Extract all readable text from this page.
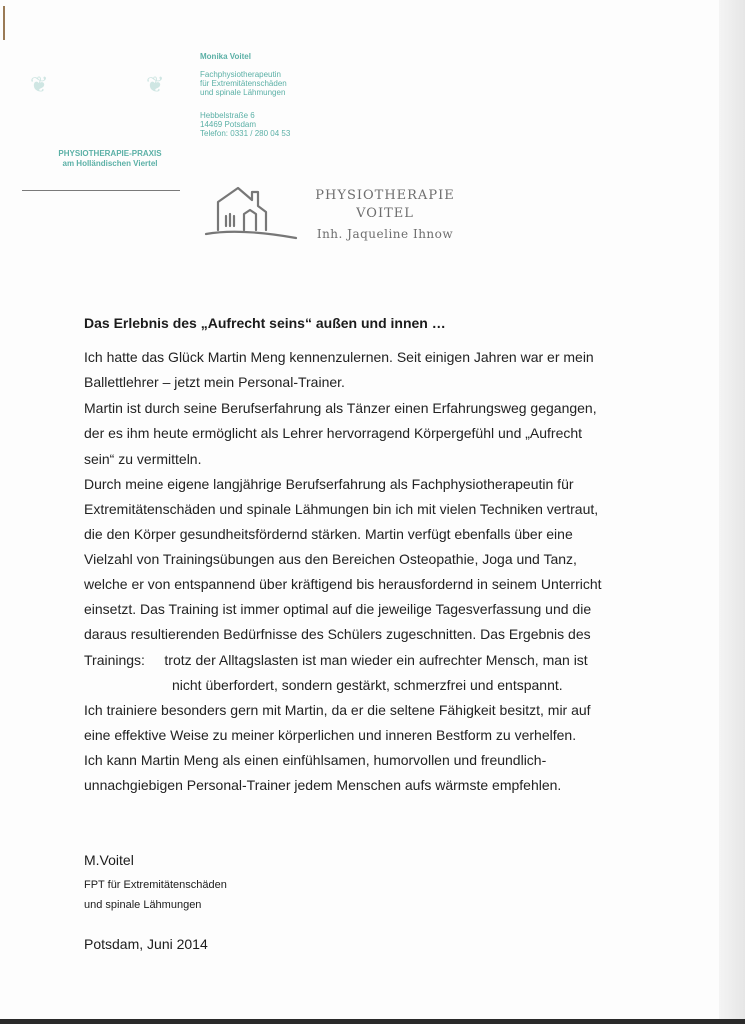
❦	❦
Monika Voitel
Fachphysiotherapeutin
für Extremitätenschäden
und spinale Lähmungen
Hebbelstraße 6
14469 Potsdam
Telefon: 0331 / 280 04 53
PHYSIOTHERAPIE-PRAXIS
am Holländischen Viertel
PHYSIOTHERAPIE
VOITEL
Inh. Jaqueline Ihnow
Das Erlebnis des „Aufrecht seins“ außen und innen …
Ich hatte das Glück Martin Meng kennenzulernen. Seit einigen Jahren war er mein
Ballettlehrer – jetzt mein Personal-Trainer.
Martin ist durch seine Berufserfahrung als Tänzer einen Erfahrungsweg gegangen,
der es ihm heute ermöglicht als Lehrer hervorragend Körpergefühl und „Aufrecht
sein“ zu vermitteln.
Durch meine eigene langjährige Berufserfahrung als Fachphysiotherapeutin für
Extremitätenschäden und spinale Lähmungen bin ich mit vielen Techniken vertraut,
die den Körper gesundheitsfördernd stärken. Martin verfügt ebenfalls über eine
Vielzahl von Trainingsübungen aus den Bereichen Osteopathie, Joga und Tanz,
welche er von entspannend über kräftigend bis herausfordernd in seinem Unterricht
einsetzt. Das Training ist immer optimal auf die jeweilige Tagesverfassung und die
daraus resultierenden Bedürfnisse des Schülers zugeschnitten. Das Ergebnis des
Trainings:     trotz der Alltagslasten ist man wieder ein aufrechter Mensch, man ist
nicht überfordert, sondern gestärkt, schmerzfrei und entspannt.
Ich trainiere besonders gern mit Martin, da er die seltene Fähigkeit besitzt, mir auf
eine effektive Weise zu meiner körperlichen und inneren Bestform zu verhelfen.
Ich kann Martin Meng als einen einfühlsamen, humorvollen und freundlich-
unnachgiebigen Personal-Trainer jedem Menschen aufs wärmste empfehlen.
M.Voitel
FPT für Extremitätenschäden
und spinale Lähmungen
Potsdam, Juni 2014
